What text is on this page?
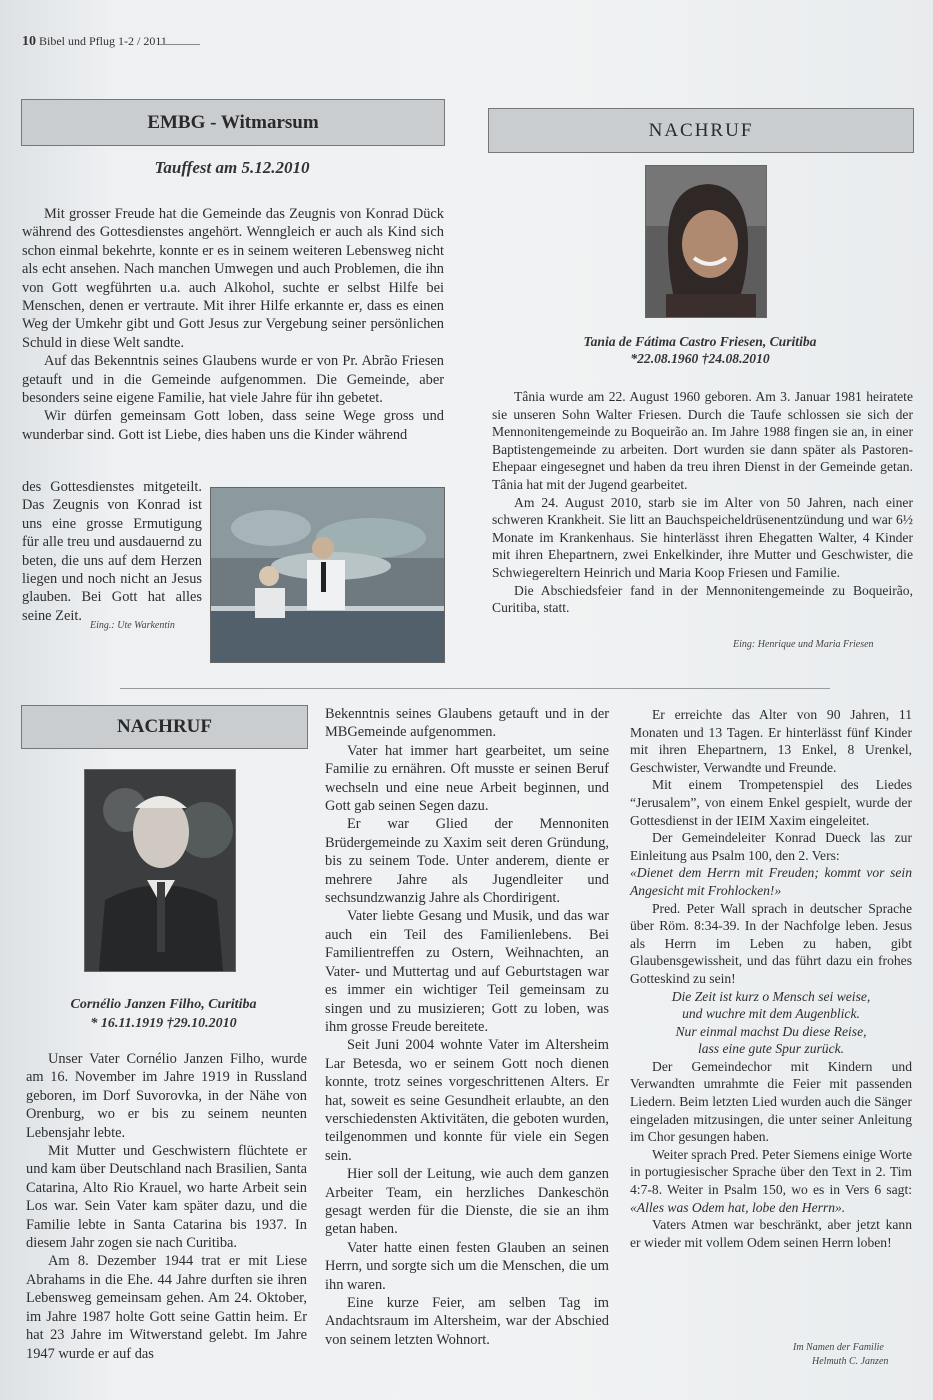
10 Bibel und Pflug 1-2 / 2011
EMBG - Witmarsum
Tauffest am 5.12.2010

Mit grosser Freude hat die Gemeinde das Zeugnis von Konrad Dück während des Gottesdienstes angehört. Wenngleich er auch als Kind sich schon einmal bekehrte, konnte er es in seinem weiteren Lebensweg nicht als echt ansehen. Nach manchen Umwegen und auch Problemen, die ihn von Gott wegführten u.a. auch Alkohol, suchte er selbst Hilfe bei Menschen, denen er vertraute. Mit ihrer Hilfe erkannte er, dass es einen Weg der Umkehr gibt und Gott Jesus zur Vergebung seiner persönlichen Schuld in diese Welt sandte.

Auf das Bekenntnis seines Glaubens wurde er von Pr. Abrão Friesen getauft und in die Gemeinde aufgenommen. Die Gemeinde, aber besonders seine eigene Familie, hat viele Jahre für ihn gebetet.

Wir dürfen gemeinsam Gott loben, dass seine Wege gross und wunderbar sind. Gott ist Liebe, dies haben uns die Kinder während

des Gottesdienstes mitgeteilt. Das Zeugnis von Konrad ist uns eine grosse Ermutigung für alle treu und ausdauernd zu beten, die uns auf dem Herzen liegen und noch nicht an Jesus glauben. Bei Gott hat alles seine Zeit.

Eing.: Ute Warkentin
NACHRUF
Tania de Fátima Castro Friesen, Curitiba
*22.08.1960 †24.08.2010

Tânia wurde am 22. August 1960 geboren. Am 3. Januar 1981 heiratete sie unseren Sohn Walter Friesen. Durch die Taufe schlossen sie sich der Mennonitengemeinde zu Boqueirão an. Im Jahre 1988 fingen sie an, in einer Baptistengemeinde zu arbeiten. Dort wurden sie dann später als Pastoren-Ehepaar eingesegnet und haben da treu ihren Dienst in der Gemeinde getan. Tânia hat mit der Jugend gearbeitet.

Am 24. August 2010, starb sie im Alter von 50 Jahren, nach einer schweren Krankheit. Sie litt an Bauchspeicheldrüsenentzündung und war 6½ Monate im Krankenhaus. Sie hinterlässt ihren Ehegatten Walter, 4 Kinder mit ihren Ehepartnern, zwei Enkelkinder, ihre Mutter und Geschwister, die Schwiegereltern Heinrich und Maria Koop Friesen und Familie.

Die Abschiedsfeier fand in der Mennonitengemeinde zu Boqueirão, Curitiba, statt.

Eing: Henrique und Maria Friesen
NACHRUF
Cornélio Janzen Filho, Curitiba
* 16.11.1919 †29.10.2010

Unser Vater Cornélio Janzen Filho, wurde am 16. November im Jahre 1919 in Russland geboren, im Dorf Suvorovka, in der Nähe von Orenburg, wo er bis zu seinem neunten Lebensjahr lebte.

Mit Mutter und Geschwistern flüchtete er und kam über Deutschland nach Brasilien, Santa Catarina, Alto Rio Krauel, wo harte Arbeit sein Los war. Sein Vater kam später dazu, und die Familie lebte in Santa Catarina bis 1937. In diesem Jahr zogen sie nach Curitiba.

Am 8. Dezember 1944 trat er mit Liese Abrahams in die Ehe. 44 Jahre durften sie ihren Lebensweg gemeinsam gehen. Am 24. Oktober, im Jahre 1987 holte Gott seine Gattin heim. Er hat 23 Jahre im Witwerstand gelebt. Im Jahre 1947 wurde er auf das

Bekenntnis seines Glaubens getauft und in der MBGemeinde aufgenommen.

Vater hat immer hart gearbeitet, um seine Familie zu ernähren. Oft musste er seinen Beruf wechseln und eine neue Arbeit beginnen, und Gott gab seinen Segen dazu.

Er war Glied der Mennoniten Brüdergemeinde zu Xaxim seit deren Gründung, bis zu seinem Tode. Unter anderem, diente er mehrere Jahre als Jugendleiter und sechsundzwanzig Jahre als Chordirigent.

Vater liebte Gesang und Musik, und das war auch ein Teil des Familienlebens. Bei Familientreffen zu Ostern, Weihnachten, an Vater- und Muttertag und auf Geburtstagen war es immer ein wichtiger Teil gemeinsam zu singen und zu musizieren; Gott zu loben, was ihm grosse Freude bereitete.

Seit Juni 2004 wohnte Vater im Altersheim Lar Betesda, wo er seinem Gott noch dienen konnte, trotz seines vorgeschrittenen Alters. Er hat, soweit es seine Gesundheit erlaubte, an den verschiedensten Aktivitäten, die geboten wurden, teilgenommen und konnte für viele ein Segen sein.

Hier soll der Leitung, wie auch dem ganzen Arbeiter Team, ein herzliches Dankeschön gesagt werden für die Dienste, die sie an ihm getan haben.

Vater hatte einen festen Glauben an seinen Herrn, und sorgte sich um die Menschen, die um ihn waren.

Eine kurze Feier, am selben Tag im Andachtsraum im Altersheim, war der Abschied von seinem letzten Wohnort.

Er erreichte das Alter von 90 Jahren, 11 Monaten und 13 Tagen. Er hinterlässt fünf Kinder mit ihren Ehepartnern, 13 Enkel, 8 Urenkel, Geschwister, Verwandte und Freunde.

Mit einem Trompetenspiel des Liedes “Jerusalem”, von einem Enkel gespielt, wurde der Gottesdienst in der IEIM Xaxim eingeleitet.

Der Gemeindeleiter Konrad Dueck las zur Einleitung aus Psalm 100, den 2. Vers:

«Dienet dem Herrn mit Freuden; kommt vor sein Angesicht mit Frohlocken!»

Pred. Peter Wall sprach in deutscher Sprache über Röm. 8:34-39. In der Nachfolge leben. Jesus als Herrn im Leben zu haben, gibt Glaubensgewissheit, und das führt dazu ein frohes Gotteskind zu sein!

Die Zeit ist kurz o Mensch sei weise,

und wuchre mit dem Augenblick.

Nur einmal machst Du diese Reise,

lass eine gute Spur zurück.

Der Gemeindechor mit Kindern und Verwandten umrahmte die Feier mit passenden Liedern. Beim letzten Lied wurden auch die Sänger eingeladen mitzusingen, die unter seiner Anleitung im Chor gesungen haben.

Weiter sprach Pred. Peter Siemens einige Worte in portugiesischer Sprache über den Text in 2. Tim 4:7-8. Weiter in Psalm 150, wo es in Vers 6 sagt: «Alles was Odem hat, lobe den Herrn».

Vaters Atmen war beschränkt, aber jetzt kann er wieder mit vollem Odem seinen Herrn loben!

Im Namen der Familie
Helmuth C. Janzen
